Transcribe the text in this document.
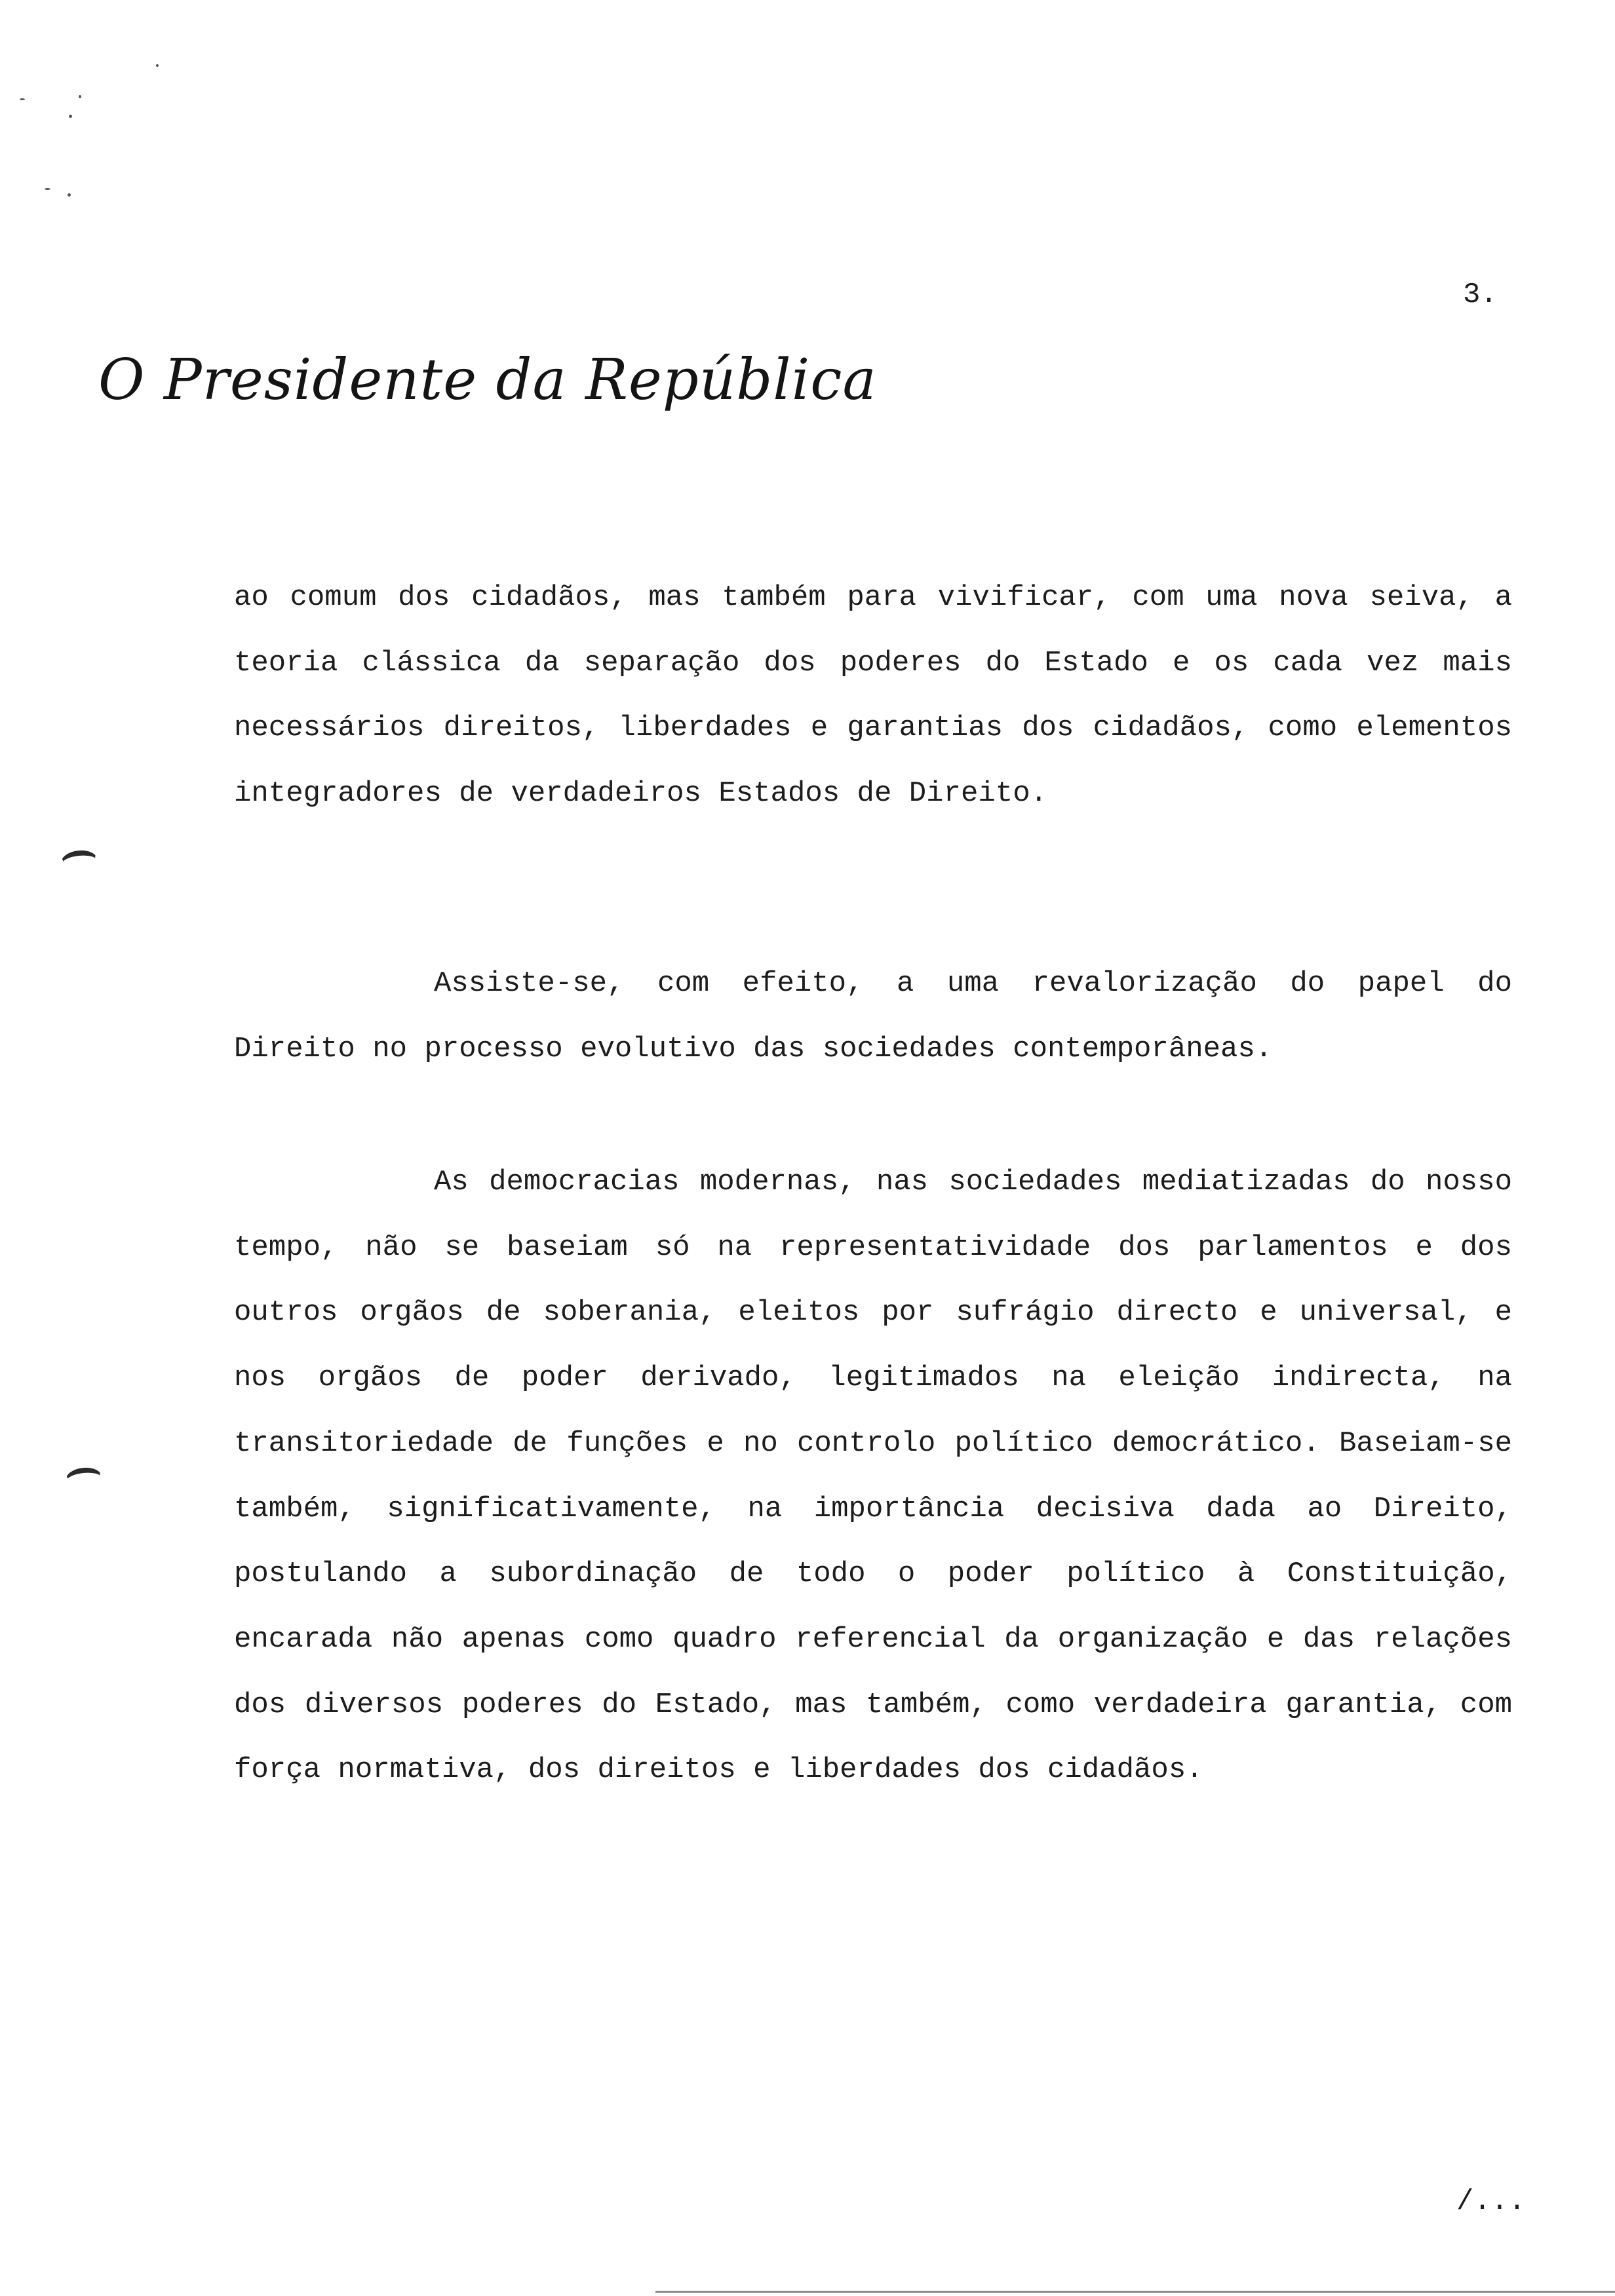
3.
O Presidente da República

ao comum dos cidadãos, mas também para vivificar, com uma nova seiva, a teoria clássica da separação dos poderes do Estado e os cada vez mais necessários direitos, liberdades e garantias dos cidadãos, como elementos integradores de verdadeiros Estados de Direito.

Assiste-se, com efeito, a uma revalorização do papel do Direito no processo evolutivo das sociedades contemporâneas.

As democracias modernas, nas sociedades mediatizadas do nosso tempo, não se baseiam só na representatividade dos parlamentos e dos outros orgãos de soberania, eleitos por sufrágio directo e universal, e nos orgãos de poder derivado, legitimados na eleição indirecta, na transitoriedade de funções e no controlo político democrático. Baseiam-se também, significativamente, na importância decisiva dada ao Direito, postulando a subordinação de todo o poder político à Constituição, encarada não apenas como quadro referencial da organização e das relações dos diversos poderes do Estado, mas também, como verdadeira garantia, com força normativa, dos direitos e liberdades dos cidadãos.

/...
